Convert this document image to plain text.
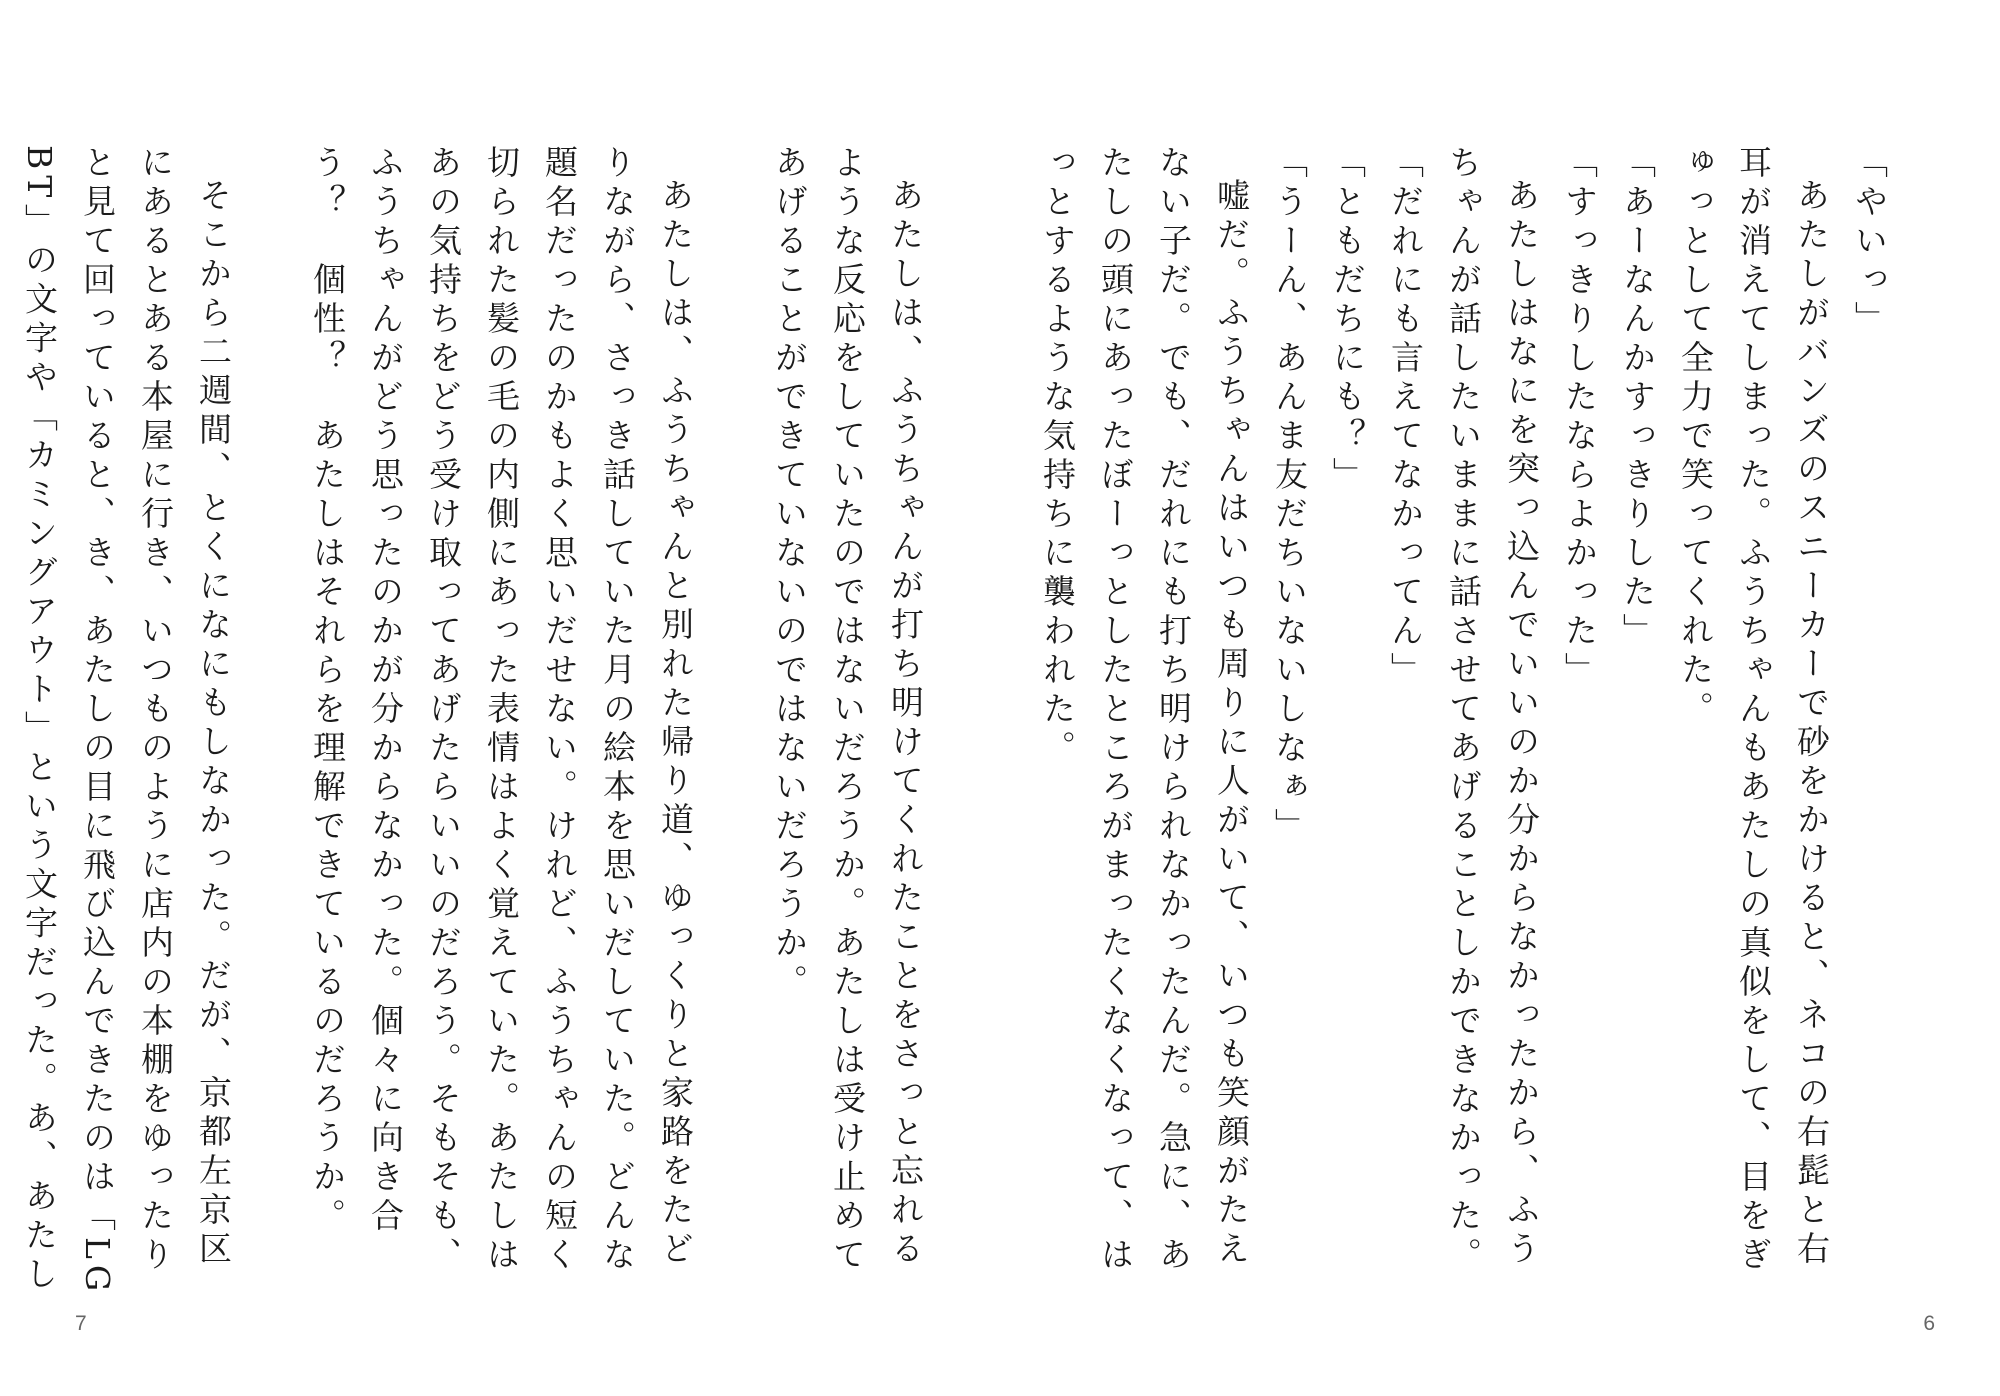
「やいっ」

あたしがバンズのスニーカーで砂をかけると、ネコの右髭と右耳が消えてしまった。ふうちゃんもあたしの真似をして、目をぎゅっとして全力で笑ってくれた。

「あーなんかすっきりした」

「すっきりしたならよかった」

あたしはなにを突っ込んでいいのか分からなかったから、ふうちゃんが話したいままに話させてあげることしかできなかった。

「だれにも言えてなかってん」

「ともだちにも？」

「うーん、あんま友だちいないしなぁ」

嘘だ。ふうちゃんはいつも周りに人がいて、いつも笑顔がたえない子だ。でも、だれにも打ち明けられなかったんだ。急に、あたしの頭にあったぼーっとしたところがまったくなくなって、はっとするような気持ちに襲われた。

6

あたしは、ふうちゃんが打ち明けてくれたことをさっと忘れるような反応をしていたのではないだろうか。あたしは受け止めてあげることができていないのではないだろうか。

あたしは、ふうちゃんと別れた帰り道、ゆっくりと家路をたどりながら、さっき話していた月の絵本を思いだしていた。どんな題名だったのかもよく思いだせない。けれど、ふうちゃんの短く切られた髪の毛の内側にあった表情はよく覚えていた。あたしはあの気持ちをどう受け取ってあげたらいいのだろう。そもそも、ふうちゃんがどう思ったのかが分からなかった。個々に向き合う？　個性？　あたしはそれらを理解できているのだろうか。

そこから二週間、とくになにもしなかった。だが、京都左京区にあるとある本屋に行き、いつものように店内の本棚をゆったりと見て回っていると、き、あたしの目に飛び込んできたのは「LGBT」の文字や「カミングアウト」という文字だった。あ、あたし

7
